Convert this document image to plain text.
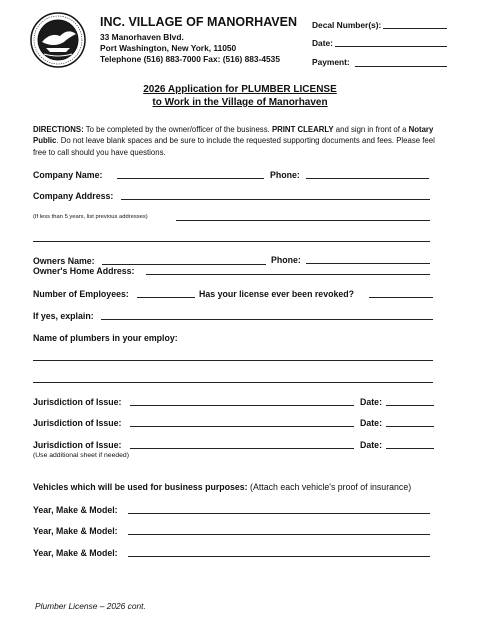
INC. VILLAGE OF MANORHAVEN
33 Manorhaven Blvd.
Port Washington, New York, 11050
Telephone (516) 883-7000 Fax: (516) 883-4535
Decal Number(s):
Date:
Payment:
2026 Application for PLUMBER LICENSE
to Work in the Village of Manorhaven
DIRECTIONS: To be completed by the owner/officer of the business. PRINT CLEARLY and sign in front of a Notary Public. Do not leave blank spaces and be sure to include the requested supporting documents and fees. Please feel free to call should you have questions.
Company Name:	Phone:
Company Address:
(If less than 5 years, list previous addresses)
Owners Name:	Phone:
Owner's Home Address:
Number of Employees:	Has your license ever been revoked?
If yes, explain:
Name of plumbers in your employ:
Jurisdiction of Issue:	Date:
Jurisdiction of Issue:	Date:
Jurisdiction of Issue:	Date:
(Use additional sheet if needed)
Vehicles which will be used for business purposes: (Attach each vehicle's proof of insurance)
Year, Make & Model:
Year, Make & Model:
Year, Make & Model:
Plumber License – 2026 cont.
